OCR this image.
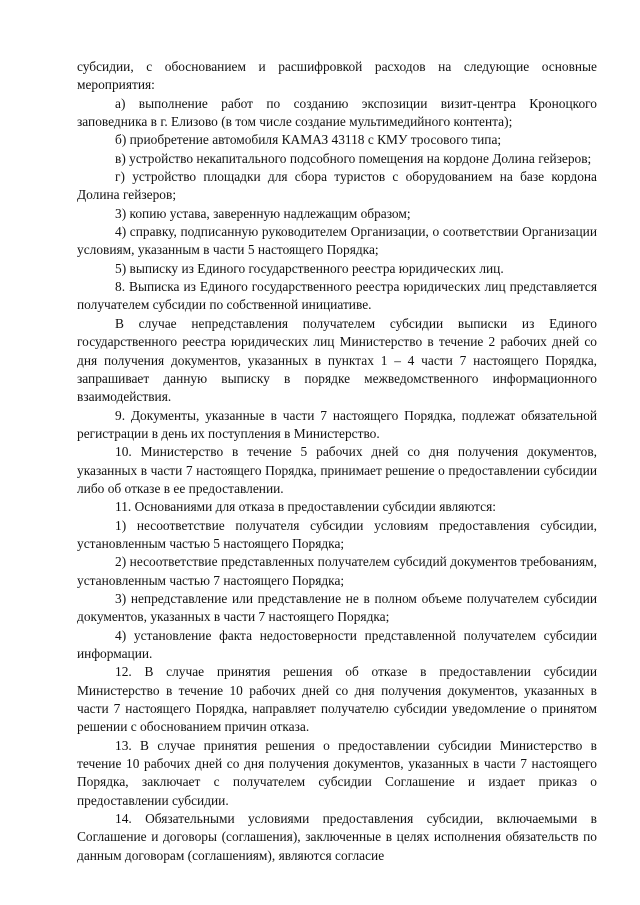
субсидии, с обоснованием и расшифровкой расходов на следующие основные мероприятия:

а) выполнение работ по созданию экспозиции визит-центра Кроноцкого заповедника в г. Елизово (в том числе создание мультимедийного контента);

б) приобретение автомобиля КАМАЗ 43118 с КМУ тросового типа;

в) устройство некапитального подсобного помещения на кордоне Долина гейзеров;

г) устройство площадки для сбора туристов с оборудованием на базе кордона Долина гейзеров;

3) копию устава, заверенную надлежащим образом;

4) справку, подписанную руководителем Организации, о соответствии Организации условиям, указанным в части 5 настоящего Порядка;

5) выписку из Единого государственного реестра юридических лиц.

8. Выписка из Единого государственного реестра юридических лиц представляется получателем субсидии по собственной инициативе.

В случае непредставления получателем субсидии выписки из Единого государственного реестра юридических лиц Министерство в течение 2 рабочих дней со дня получения документов, указанных в пунктах 1 – 4 части 7 настоящего Порядка, запрашивает данную выписку в порядке межведомственного информационного взаимодействия.

9. Документы, указанные в части 7 настоящего Порядка, подлежат обязательной регистрации в день их поступления в Министерство.

10. Министерство в течение 5 рабочих дней со дня получения документов, указанных в части 7 настоящего Порядка, принимает решение о предоставлении субсидии либо об отказе в ее предоставлении.

11. Основаниями для отказа в предоставлении субсидии являются:

1) несоответствие получателя субсидии условиям предоставления субсидии, установленным частью 5 настоящего Порядка;

2) несоответствие представленных получателем субсидий документов требованиям, установленным частью 7 настоящего Порядка;

3) непредставление или представление не в полном объеме получателем субсидии документов, указанных в части 7 настоящего Порядка;

4) установление факта недостоверности представленной получателем субсидии информации.

12. В случае принятия решения об отказе в предоставлении субсидии Министерство в течение 10 рабочих дней со дня получения документов, указанных в части 7 настоящего Порядка, направляет получателю субсидии уведомление о принятом решении с обоснованием причин отказа.

13. В случае принятия решения о предоставлении субсидии Министерство в течение 10 рабочих дней со дня получения документов, указанных в части 7 настоящего Порядка, заключает с получателем субсидии Соглашение и издает приказ о предоставлении субсидии.

14. Обязательными условиями предоставления субсидии, включаемыми в Соглашение и договоры (соглашения), заключенные в целях исполнения обязательств по данным договорам (соглашениям), являются согласие
